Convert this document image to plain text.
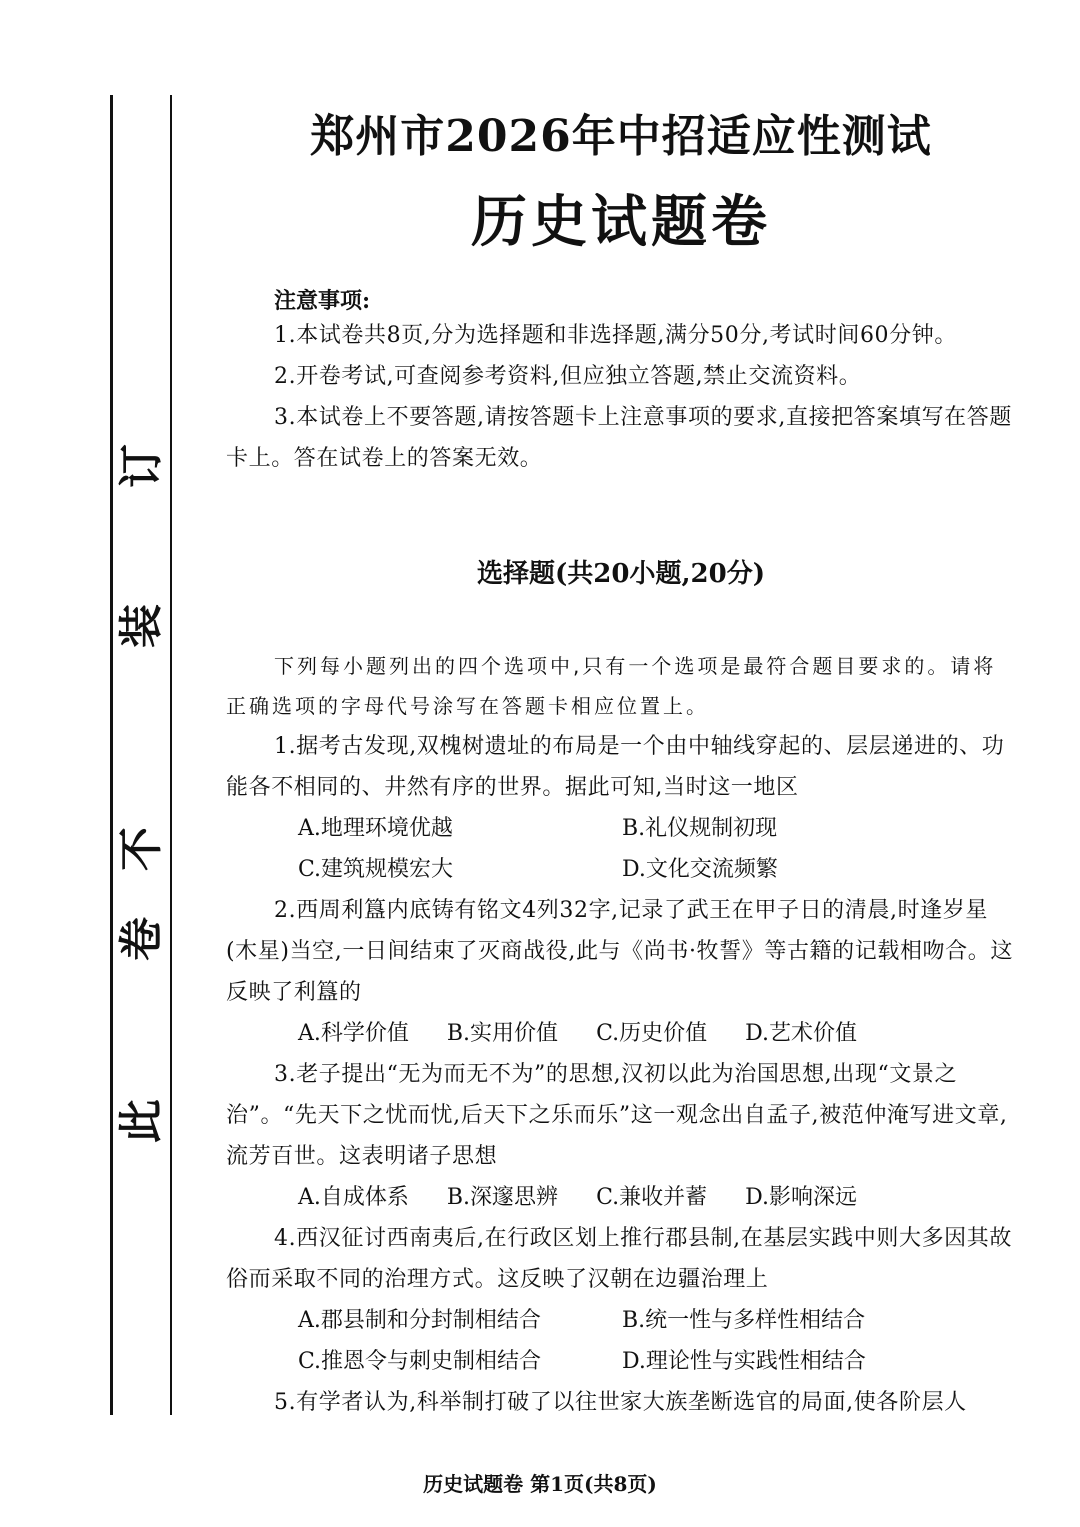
此
卷
不
装
订
郑州市2026年中招适应性测试
历史试题卷
注意事项:

1.本试卷共8页,分为选择题和非选择题,满分50分,考试时间60分钟。

2.开卷考试,可查阅参考资料,但应独立答题,禁止交流资料。

3.本试卷上不要答题,请按答题卡上注意事项的要求,直接把答案填写在答题卡上。答在试卷上的答案无效。

选择题(共20小题,20分)

下列每小题列出的四个选项中,只有一个选项是最符合题目要求的。请将正确选项的字母代号涂写在答题卡相应位置上。

1.据考古发现,双槐树遗址的布局是一个由中轴线穿起的、层层递进的、功能各不相同的、井然有序的世界。据此可知,当时这一地区

A.地理环境优越	B.礼仪规制初现
C.建筑规模宏大	D.文化交流频繁

2.西周利簋内底铸有铭文4列32字,记录了武王在甲子日的清晨,时逢岁星(木星)当空,一日间结束了灭商战役,此与《尚书·牧誓》等古籍的记载相吻合。这反映了利簋的

A.科学价值 B.实用价值 C.历史价值 D.艺术价值

3.老子提出“无为而无不为”的思想,汉初以此为治国思想,出现“文景之治”。“先天下之忧而忧,后天下之乐而乐”这一观念出自孟子,被范仲淹写进文章,流芳百世。这表明诸子思想

A.自成体系 B.深邃思辨 C.兼收并蓄 D.影响深远

4.西汉征讨西南夷后,在行政区划上推行郡县制,在基层实践中则大多因其故俗而采取不同的治理方式。这反映了汉朝在边疆治理上

A.郡县制和分封制相结合	B.统一性与多样性相结合
C.推恩令与刺史制相结合	D.理论性与实践性相结合

5.有学者认为,科举制打破了以往世家大族垄断选官的局面,使各阶层人

历史试题卷 第1页(共8页)
